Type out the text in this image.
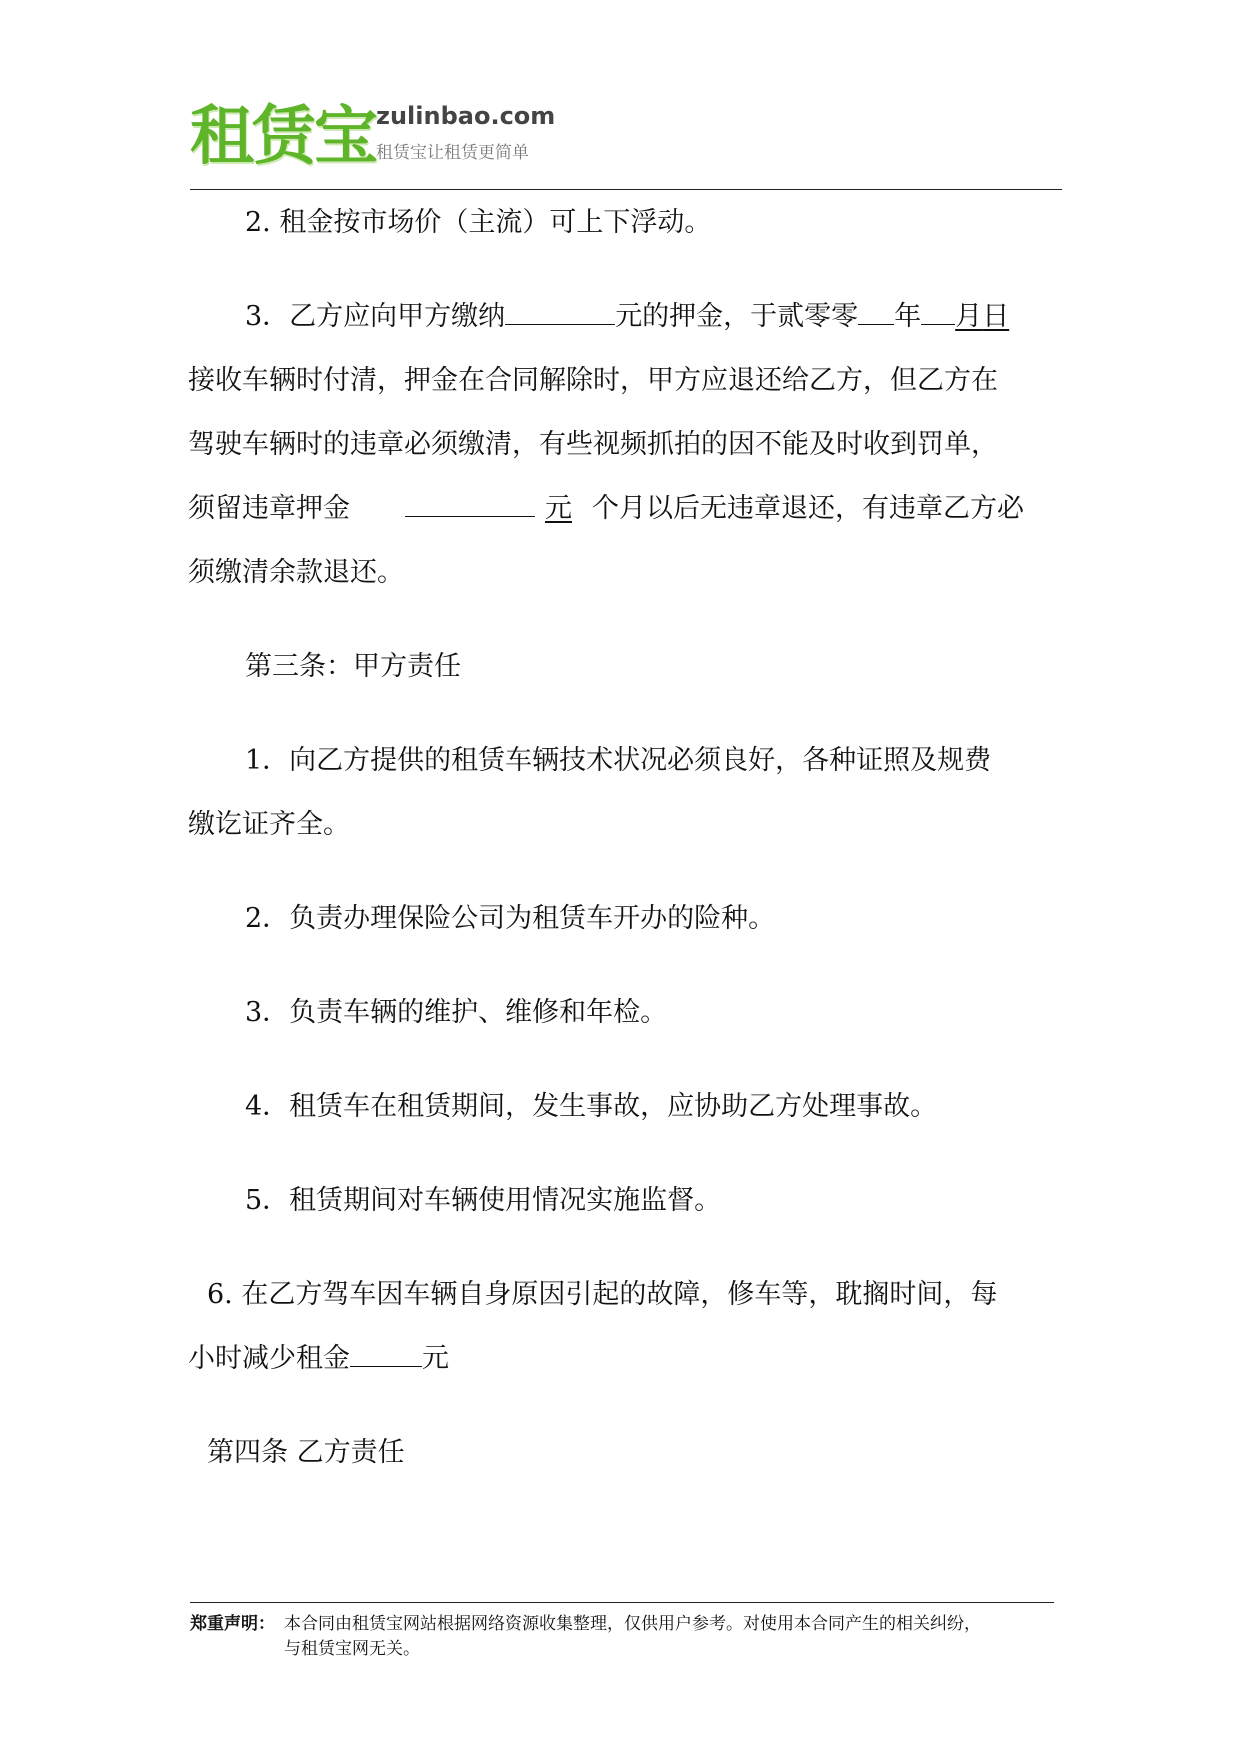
租赁宝 zulinbao.com
租赁宝让租赁更简单
2. 租金按市场价（主流）可上下浮动。
3．乙方应向甲方缴纳	元的押金，于贰零零 年 月日
接收车辆时付清，押金在合同解除时，甲方应退还给乙方，但乙方在
驾驶车辆时的违章必须缴清，有些视频抓拍的因不能及时收到罚单，
须留违章押金	元 个月以后无违章退还，有违章乙方必
须缴清余款退还。
第三条：甲方责任
1．向乙方提供的租赁车辆技术状况必须良好，各种证照及规费
缴讫证齐全。
2．负责办理保险公司为租赁车开办的险种。
3．负责车辆的维护、维修和年检。
4．租赁车在租赁期间，发生事故，应协助乙方处理事故。
5．租赁期间对车辆使用情况实施监督。
6. 在乙方驾车因车辆自身原因引起的故障，修车等，耽搁时间，每
小时减少租金	元
第四条 乙方责任
郑重声明： 本合同由租赁宝网站根据网络资源收集整理，仅供用户参考。对使用本合同产生的相关纠纷，
与租赁宝网无关。
